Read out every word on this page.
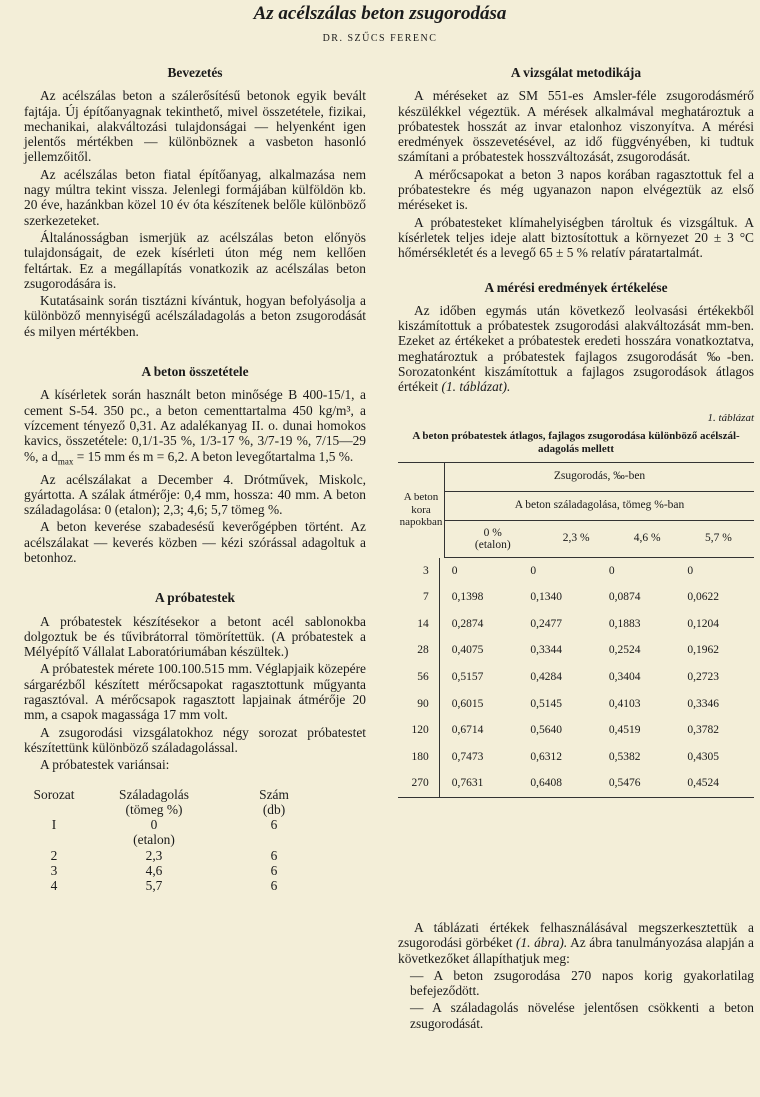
Az acélszálas beton zsugorodása
DR. SZŰCS FERENC
Bevezetés

Az acélszálas beton a szálerősítésű betonok egyik bevált fajtája. Új építőanyagnak tekinthető, mivel összetétele, fizikai, mechanikai, alakváltozási tulajdonságai — helyenként igen jelentős mértékben — különböznek a vasbeton hasonló jellemzőitől.

Az acélszálas beton fiatal építőanyag, alkalmazása nem nagy múltra tekint vissza. Jelenlegi formájában külföldön kb. 20 éve, hazánkban közel 10 év óta készítenek belőle különböző szerkezeteket.

Általánosságban ismerjük az acélszálas beton előnyös tulajdonságait, de ezek kísérleti úton még nem kellően feltártak. Ez a megállapítás vonatkozik az acélszálas beton zsugorodására is.

Kutatásaink során tisztázni kívántuk, hogyan befolyásolja a különböző mennyiségű acélszáladagolás a beton zsugorodását és milyen mértékben.

A beton összetétele

A kísérletek során használt beton minősége B 400-15/1, a cement S-54. 350 pc., a beton cementtartalma 450 kg/m³, a vízcement tényező 0,31. Az adalékanyag II. o. dunai homokos kavics, összetétele: 0,1/1-35 %, 1/3-17 %, 3/7-19 %, 7/15—29 %, a $d_{max} = 15$ mm és m = 6,2. A beton levegőtartalma 1,5 %.

Az acélszálakat a December 4. Drótművek, Miskolc, gyártotta. A szálak átmérője: 0,4 mm, hossza: 40 mm. A beton száladagolása: 0 (etalon); 2,3; 4,6; 5,7 tömeg %.

A beton keverése szabadesésű keverőgépben történt. Az acélszálakat — keverés közben — kézi szórással adagoltuk a betonhoz.

A próbatestek

A próbatestek készítésekor a betont acél sablonokba dolgoztuk be és tűvibrátorral tömörítettük. (A próbatestek a Mélyépítő Vállalat Laboratóriumában készültek.)

A próbatestek mérete 100.100.515 mm. Véglapjaik közepére sárgarézből készített mérőcsapokat ragasztottunk műgyanta ragasztóval. A mérőcsapok ragasztott lapjainak átmérője 20 mm, a csapok magassága 17 mm volt.

A zsugorodási vizsgálatokhoz négy sorozat próbatestet készítettünk különböző száladagolással.

A próbatestek variánsai:

Sorozat	Száladagolás	Szám
	(tömeg %)	(db)
I	0	6
	(etalon)	
2	2,3	6
3	4,6	6
4	5,7	6
A vizsgálat metodikája

A méréseket az SM 551-es Amsler-féle zsugorodásmérő készülékkel végeztük. A mérések alkalmával meghatároztuk a próbatestek hosszát az invar etalonhoz viszonyítva. A mérési eredmények összevetésével, az idő függvényében, ki tudtuk számítani a próbatestek hosszváltozását, zsugorodását.

A mérőcsapokat a beton 3 napos korában ragasztottuk fel a próbatestekre és még ugyanazon napon elvégeztük az első méréseket is.

A próbatesteket klímahelyiségben tároltuk és vizsgáltuk. A kísérletek teljes ideje alatt biztosítottuk a környezet 20 ± 3 °C hőmérsékletét és a levegő 65 ± 5 % relatív páratartalmát.

A mérési eredmények értékelése

Az időben egymás után következő leolvasási értékekből kiszámítottuk a próbatestek zsugorodási alakváltozását mm-ben. Ezeket az értékeket a próbatestek eredeti hosszára vonatkoztatva, meghatároztuk a próbatestek fajlagos zsugorodását ‰-ben. Sorozatonként kiszámítottuk a fajlagos zsugorodások átlagos értékeit (1. táblázat).

1. táblázat
A beton próbatestek átlagos, fajlagos zsugorodása különböző acélszál-adagolás mellett
A beton kora napokban	Zsugorodás, ‰-ben			
	A beton száladagolása, tömeg %-ban			
	0 %
(etalon)	2,3 %	4,6 %	5,7 %
3	0	0	0	0
7	0,1398	0,1340	0,0874	0,0622
14	0,2874	0,2477	0,1883	0,1204
28	0,4075	0,3344	0,2524	0,1962
56	0,5157	0,4284	0,3404	0,2723
90	0,6015	0,5145	0,4103	0,3346
120	0,6714	0,5640	0,4519	0,3782
180	0,7473	0,6312	0,5382	0,4305
270	0,7631	0,6408	0,5476	0,4524

A táblázati értékek felhasználásával megszerkesztettük a zsugorodási görbéket (1. ábra). Az ábra tanulmányozása alapján a következőket állapíthatjuk meg:

— A beton zsugorodása 270 napos korig gyakorlatilag befejeződött.

— A száladagolás növelése jelentősen csökkenti a beton zsugorodását.
